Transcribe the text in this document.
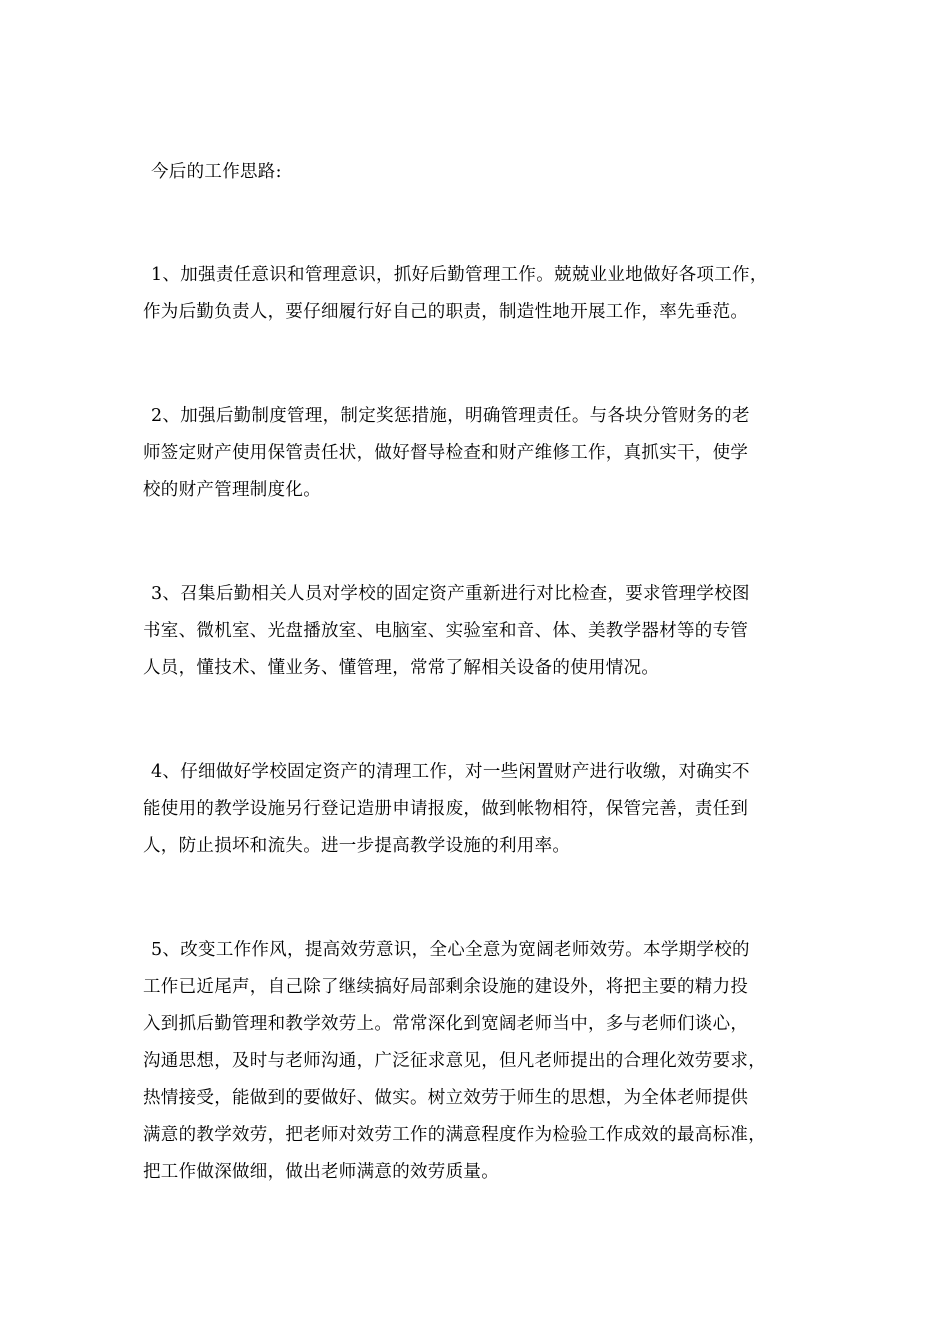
今后的工作思路:
1、加强责任意识和管理意识，抓好后勤管理工作。兢兢业业地做好各项工作，
作为后勤负责人，要仔细履行好自己的职责，制造性地开展工作，率先垂范。
2、加强后勤制度管理，制定奖惩措施，明确管理责任。与各块分管财务的老
师签定财产使用保管责任状，做好督导检查和财产维修工作，真抓实干，使学
校的财产管理制度化。
3、召集后勤相关人员对学校的固定资产重新进行对比检查，要求管理学校图
书室、微机室、光盘播放室、电脑室、实验室和音、体、美教学器材等的专管
人员，懂技术、懂业务、懂管理，常常了解相关设备的使用情况。
4、仔细做好学校固定资产的清理工作，对一些闲置财产进行收缴，对确实不
能使用的教学设施另行登记造册申请报废，做到帐物相符，保管完善，责任到
人，防止损坏和流失。进一步提高教学设施的利用率。
5、改变工作作风，提高效劳意识，全心全意为宽阔老师效劳。本学期学校的
工作已近尾声，自己除了继续搞好局部剩余设施的建设外，将把主要的精力投
入到抓后勤管理和教学效劳上。常常深化到宽阔老师当中，多与老师们谈心，
沟通思想，及时与老师沟通，广泛征求意见，但凡老师提出的合理化效劳要求，
热情接受，能做到的要做好、做实。树立效劳于师生的思想，为全体老师提供
满意的教学效劳，把老师对效劳工作的满意程度作为检验工作成效的最高标准，
把工作做深做细，做出老师满意的效劳质量。
